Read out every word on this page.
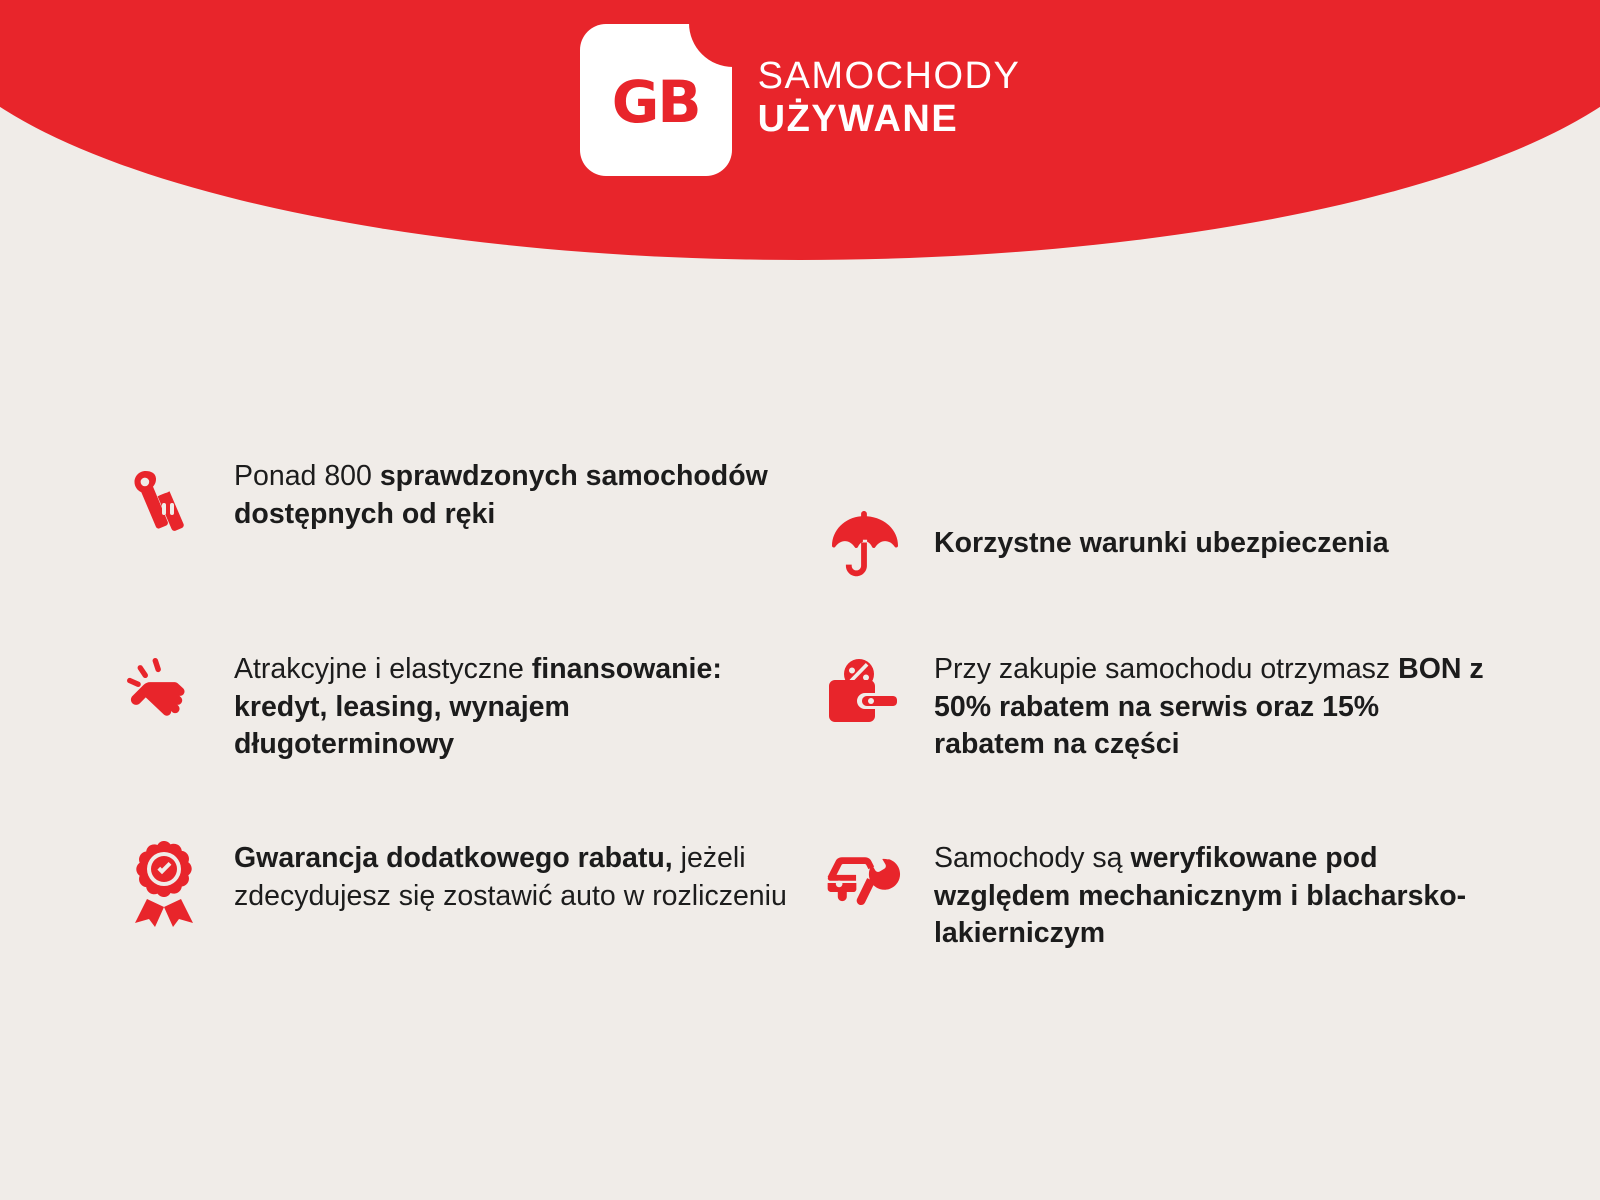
GB SAMOCHODY
UŻYWANE
Ponad 800 sprawdzonych samochodów dostępnych od ręki
Korzystne warunki ubezpieczenia
Atrakcyjne i elastyczne finansowanie: kredyt, leasing, wynajem długoterminowy
Przy zakupie samochodu otrzymasz BON z 50% rabatem na serwis oraz 15% rabatem na części
Gwarancja dodatkowego rabatu, jeżeli zdecydujesz się zostawić auto w rozliczeniu
Samochody są weryfikowane pod względem mechanicznym i blacharsko-lakierniczym
